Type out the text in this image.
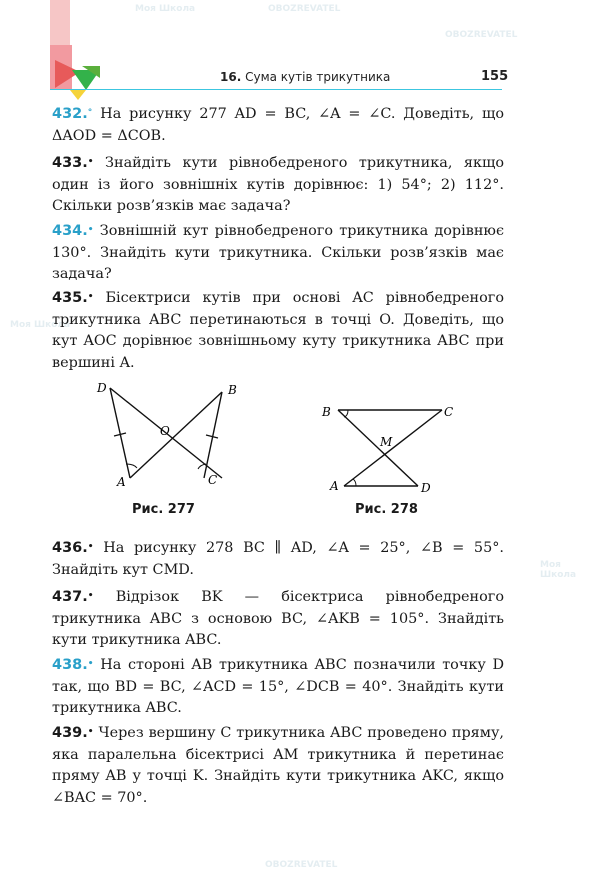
16. Сума кутів трикутника	155
Моя Школа	OBOZREVATEL
OBOZREVATEL
Моя Школа
Моя Школа
OBOZREVATEL
432.° На рисунку 277 AD = BC, ∠A = ∠C. Доведіть, що ΔAOD = ΔCOB.
433.• Знайдіть кути рівнобедреного трикутника, якщо один із його зовнішніх кутів дорівнює: 1) 54°; 2) 112°. Скільки розв’язків має задача?
434.• Зовнішній кут рівнобедреного трикутника дорівнює 130°. Знайдіть кути трикутника. Скільки розв’язків має задача?
435.• Бісектриси кутів при основі AC рівнобедреного трикутника ABC перетинаються в точці O. Доведіть, що кут AOC дорівнює зовнішньому куту трикутника ABC при вершині A.
D	B
O
A	C
Рис. 277
B	C
M
A	D
Рис. 278
436.• На рисунку 278 BC ∥ AD, ∠A = 25°, ∠B = 55°. Знайдіть кут CMD.
437.• Відрізок BK — бісектриса рівнобедреного трикутника ABC з основою BC, ∠AKB = 105°. Знайдіть кути трикутника ABC.
438.• На стороні AB трикутника ABC позначили точку D так, що BD = BC, ∠ACD = 15°, ∠DCB = 40°. Знайдіть кути трикутника ABC.
439.• Через вершину C трикутника ABC проведено пряму, яка паралельна бісектрисі AM трикутника й перетинає пряму AB у точці K. Знайдіть кути трикутника AKC, якщо ∠BAC = 70°.
